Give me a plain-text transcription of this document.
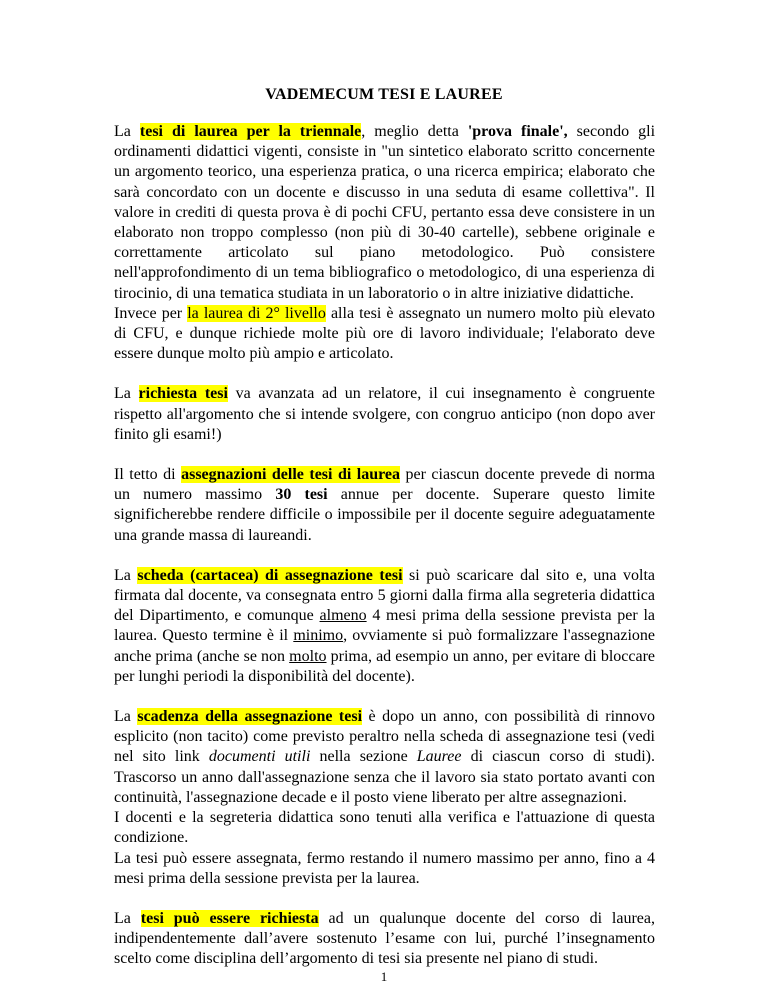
VADEMECUM TESI E LAUREE

La tesi di laurea per la triennale, meglio detta 'prova finale', secondo gli ordinamenti didattici vigenti, consiste in "un sintetico elaborato scritto concernente un argomento teorico, una esperienza pratica, o una ricerca empirica; elaborato che sarà concordato con un docente e discusso in una seduta di esame collettiva". Il valore in crediti di questa prova è di pochi CFU, pertanto essa deve consistere in un elaborato non troppo complesso (non più di 30-40 cartelle), sebbene originale e correttamente articolato sul piano metodologico. Può consistere nell'approfondimento di un tema bibliografico o metodologico, di una esperienza di tirocinio, di una tematica studiata in un laboratorio o in altre iniziative didattiche.

Invece per la laurea di 2° livello alla tesi è assegnato un numero molto più elevato di CFU, e dunque richiede molte più ore di lavoro individuale; l'elaborato deve essere dunque molto più ampio e articolato.

La richiesta tesi va avanzata ad un relatore, il cui insegnamento è congruente rispetto all'argomento che si intende svolgere, con congruo anticipo (non dopo aver finito gli esami!)

Il tetto di assegnazioni delle tesi di laurea per ciascun docente prevede di norma un numero massimo 30 tesi annue per docente. Superare questo limite significherebbe rendere difficile o impossibile per il docente seguire adeguatamente una grande massa di laureandi.

La scheda (cartacea) di assegnazione tesi si può scaricare dal sito e, una volta firmata dal docente, va consegnata entro 5 giorni dalla firma alla segreteria didattica del Dipartimento, e comunque almeno 4 mesi prima della sessione prevista per la laurea. Questo termine è il minimo, ovviamente si può formalizzare l'assegnazione anche prima (anche se non molto prima, ad esempio un anno, per evitare di bloccare per lunghi periodi la disponibilità del docente).

La scadenza della assegnazione tesi è dopo un anno, con possibilità di rinnovo esplicito (non tacito) come previsto peraltro nella scheda di assegnazione tesi (vedi nel sito link documenti utili nella sezione Lauree di ciascun corso di studi). Trascorso un anno dall'assegnazione senza che il lavoro sia stato portato avanti con continuità, l'assegnazione decade e il posto viene liberato per altre assegnazioni.

I docenti e la segreteria didattica sono tenuti alla verifica e l'attuazione di questa condizione.

La tesi può essere assegnata, fermo restando il numero massimo per anno, fino a 4 mesi prima della sessione prevista per la laurea.

La tesi può essere richiesta ad un qualunque docente del corso di laurea, indipendentemente dall’avere sostenuto l’esame con lui, purché l’insegnamento scelto come disciplina dell’argomento di tesi sia presente nel piano di studi.

1
